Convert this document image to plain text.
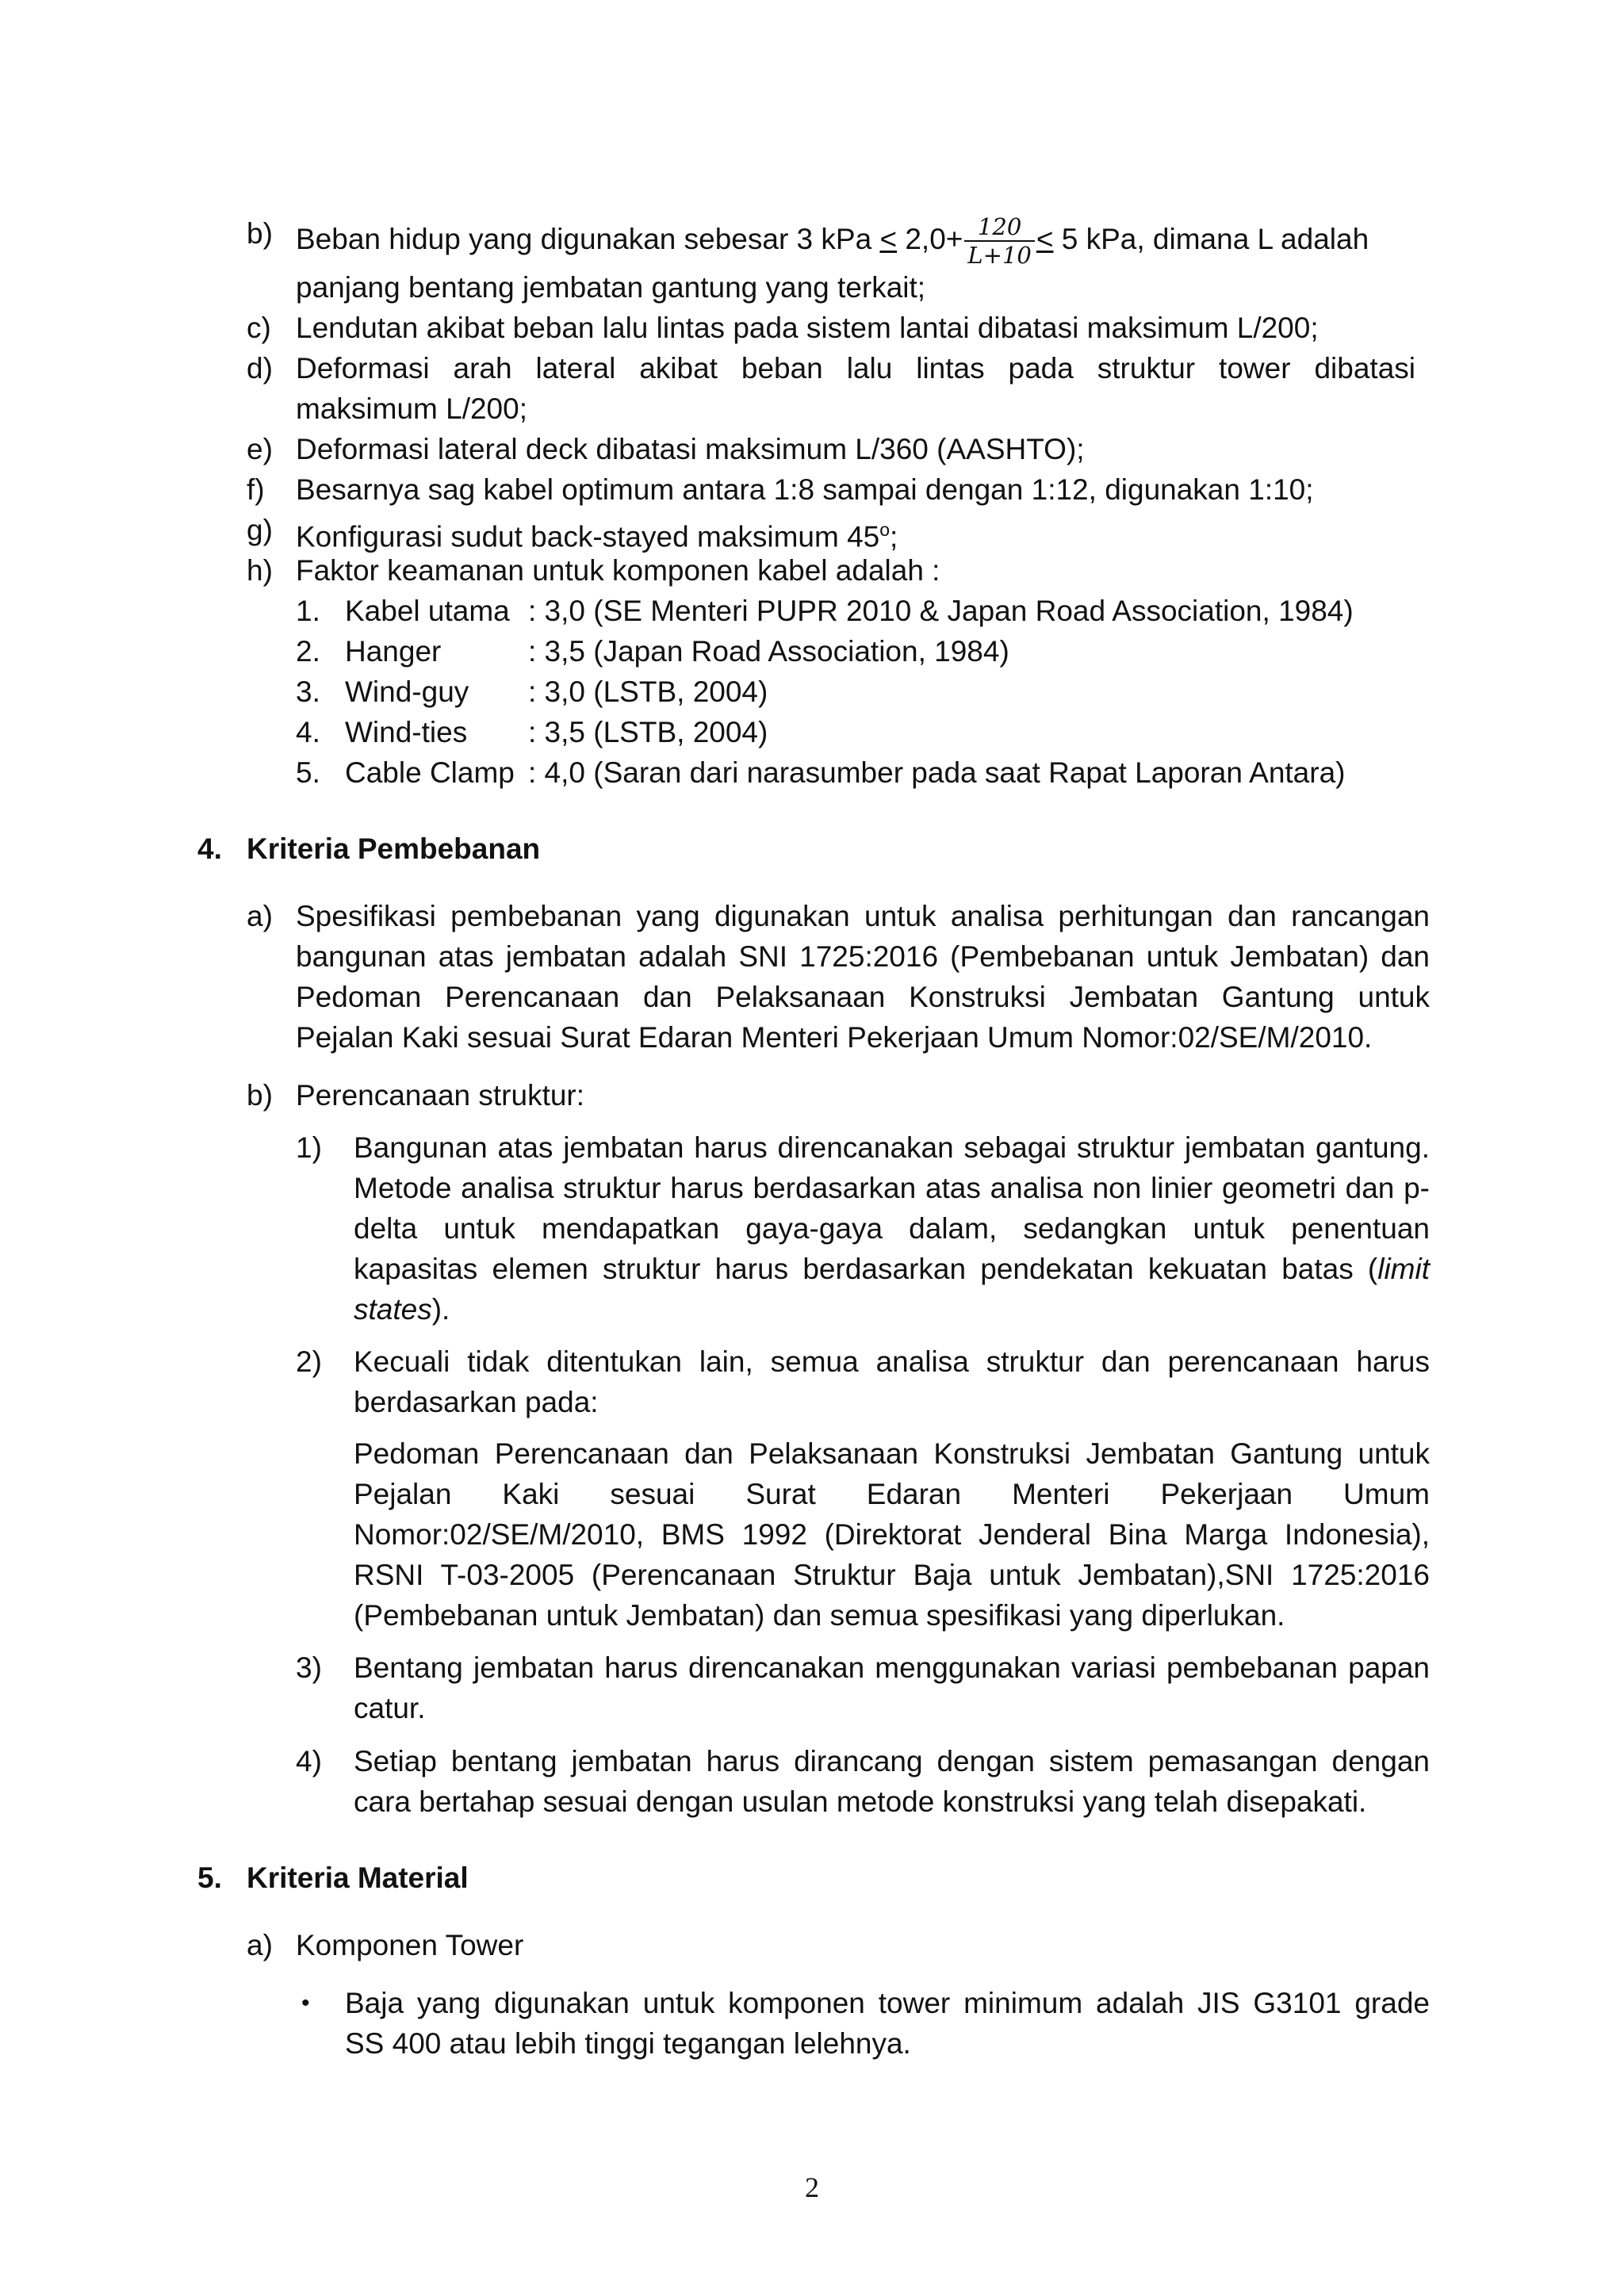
b) Beban hidup yang digunakan sebesar 3 kPa ≤ $2,0+ \frac{120}{L+10} \le 5$ kPa, dimana L adalah
panjang bentang jembatan gantung yang terkait;
c) Lendutan akibat beban lalu lintas pada sistem lantai dibatasi maksimum L/200;
d) Deformasi arah lateral akibat beban lalu lintas pada struktur tower dibatasi
maksimum L/200;
e) Deformasi lateral deck dibatasi maksimum L/360 (AASHTO);
f) Besarnya sag kabel optimum antara 1:8 sampai dengan 1:12, digunakan 1:10;
g) Konfigurasi sudut back-stayed maksimum 45$^o$;
h) Faktor keamanan untuk komponen kabel adalah :
1. Kabel utama : 3,0 (SE Menteri PUPR 2010 & Japan Road Association, 1984)
2. Hanger	: 3,5 (Japan Road Association, 1984)
3. Wind-guy : 3,0 (LSTB, 2004)
4. Wind-ties : 3,5 (LSTB, 2004)
5. Cable Clamp : 4,0 (Saran dari narasumber pada saat Rapat Laporan Antara)
4. Kriteria Pembebanan
a) Spesifikasi pembebanan yang digunakan untuk analisa perhitungan dan rancangan
bangunan atas jembatan adalah SNI 1725:2016 (Pembebanan untuk Jembatan) dan
Pedoman Perencanaan dan Pelaksanaan Konstruksi Jembatan Gantung untuk
Pejalan Kaki sesuai Surat Edaran Menteri Pekerjaan Umum Nomor:02/SE/M/2010.
b) Perencanaan struktur:
1) Bangunan atas jembatan harus direncanakan sebagai struktur jembatan gantung.
Metode analisa struktur harus berdasarkan atas analisa non linier geometri dan p-
delta untuk mendapatkan gaya-gaya dalam, sedangkan untuk penentuan
kapasitas elemen struktur harus berdasarkan pendekatan kekuatan batas (limit
states).
2) Kecuali tidak ditentukan lain, semua analisa struktur dan perencanaan harus
berdasarkan pada:
Pedoman Perencanaan dan Pelaksanaan Konstruksi Jembatan Gantung untuk
Pejalan Kaki sesuai Surat Edaran Menteri Pekerjaan Umum
Nomor:02/SE/M/2010, BMS 1992 (Direktorat Jenderal Bina Marga Indonesia),
RSNI T-03-2005 (Perencanaan Struktur Baja untuk Jembatan),SNI 1725:2016
(Pembebanan untuk Jembatan) dan semua spesifikasi yang diperlukan.
3) Bentang jembatan harus direncanakan menggunakan variasi pembebanan papan
catur.
4) Setiap bentang jembatan harus dirancang dengan sistem pemasangan dengan
cara bertahap sesuai dengan usulan metode konstruksi yang telah disepakati.
5. Kriteria Material
a) Komponen Tower
• Baja yang digunakan untuk komponen tower minimum adalah JIS G3101 grade
SS 400 atau lebih tinggi tegangan lelehnya.
2
